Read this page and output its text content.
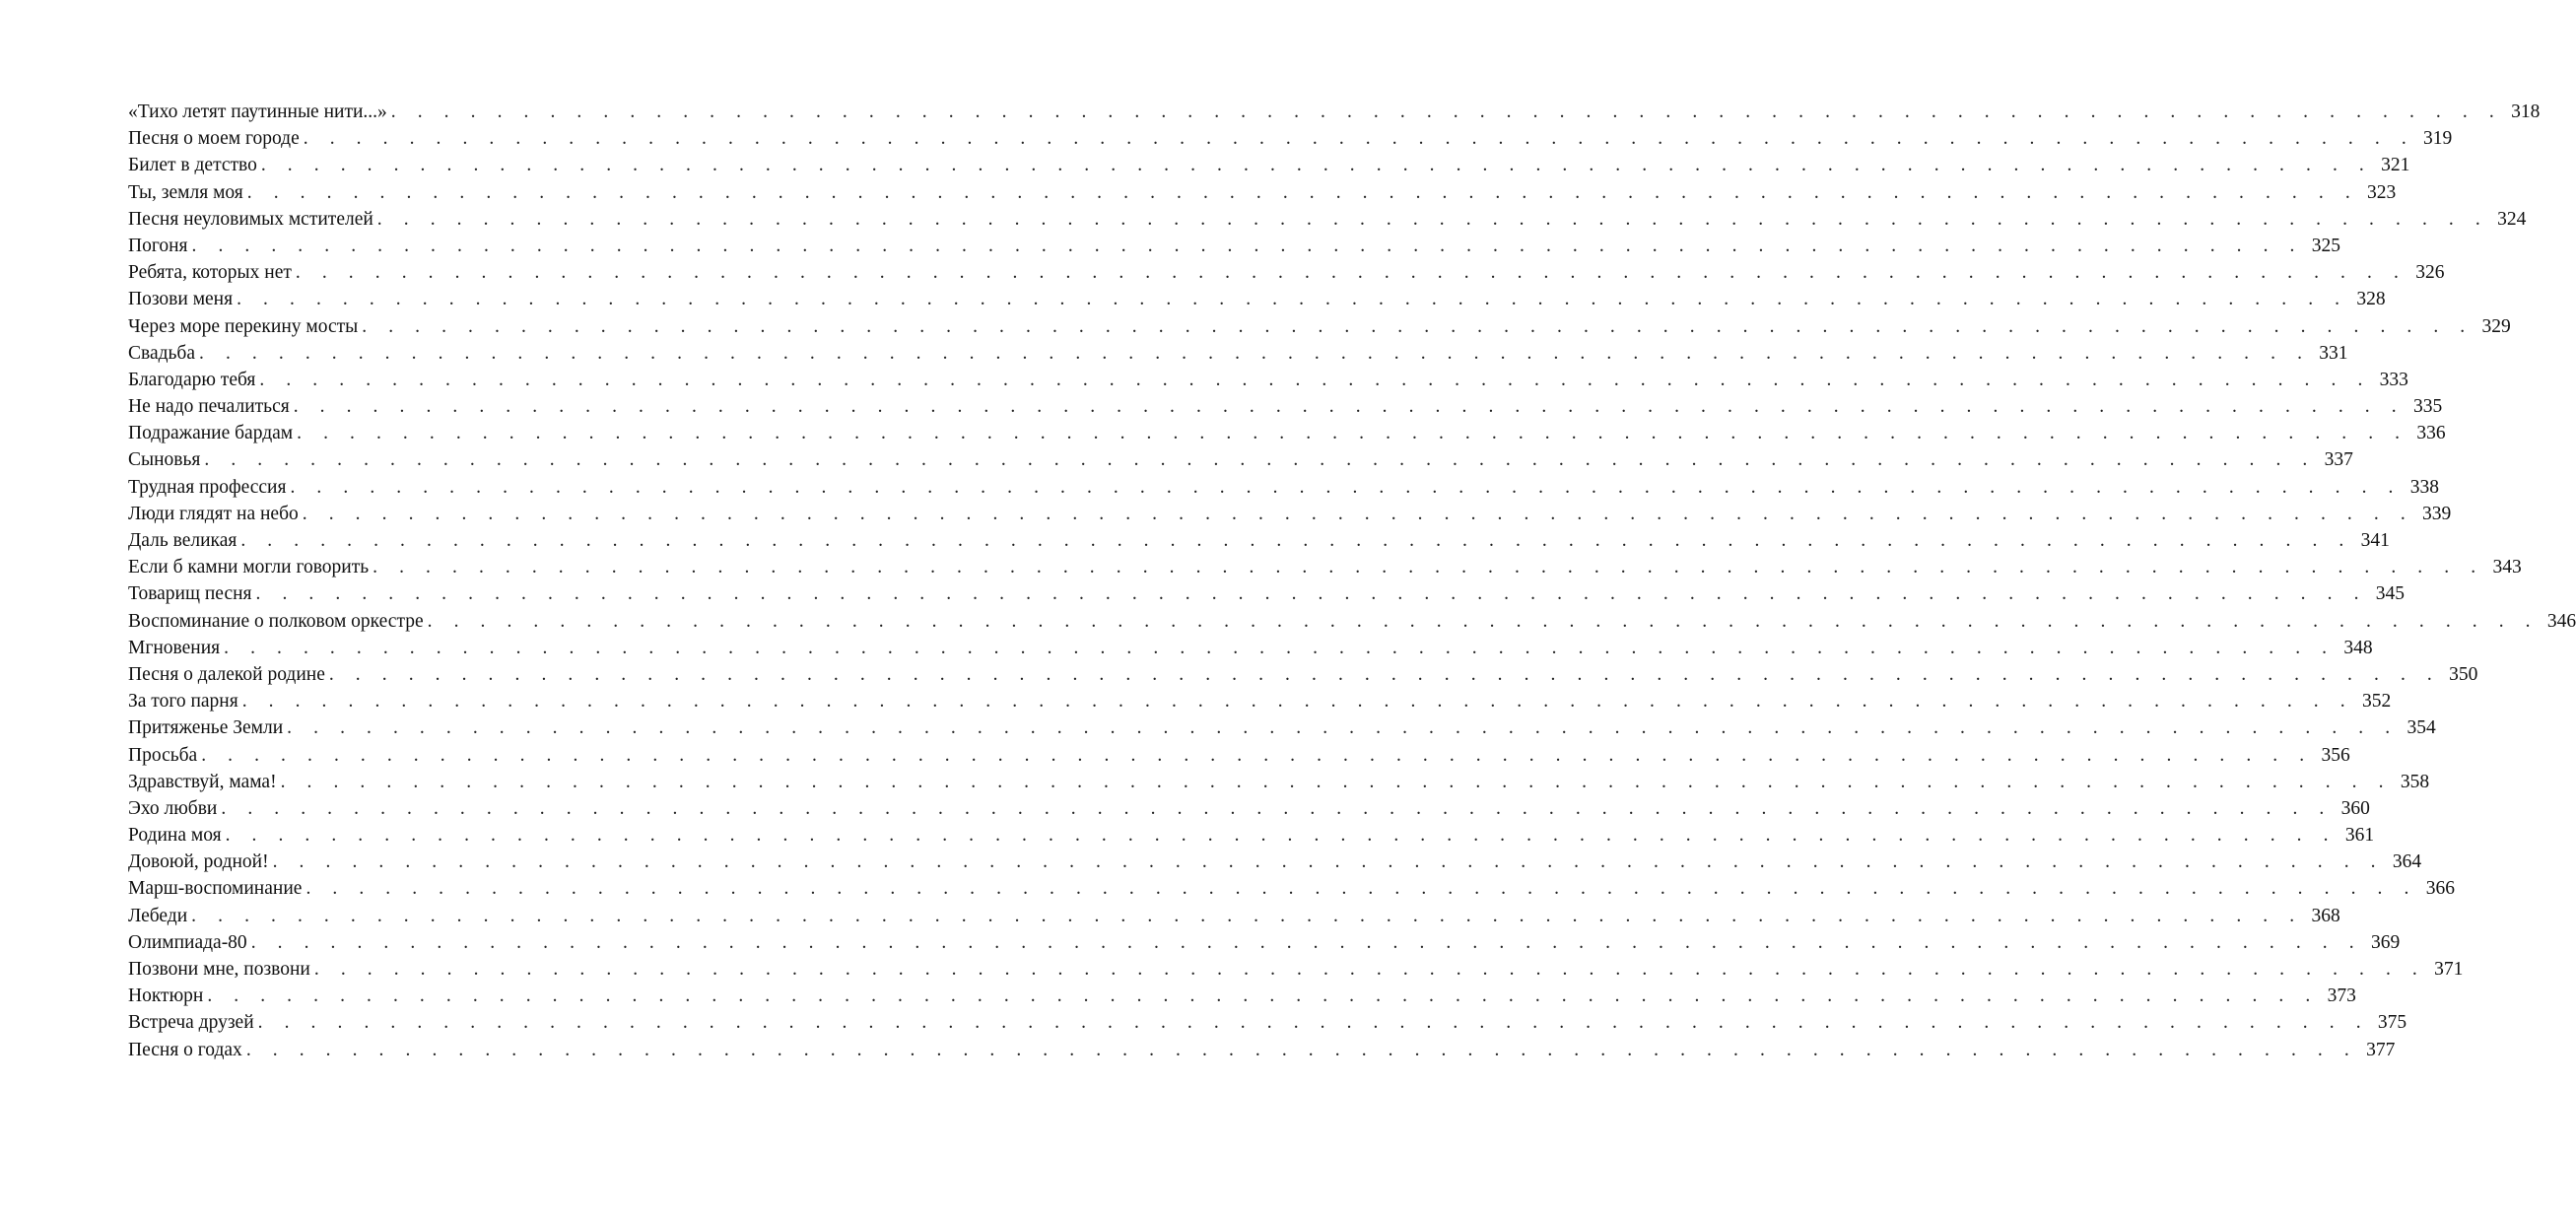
«Тихо летят паутинные нити...» . . . . . . . . . . . . . . . . . . . . . . . . . . . . . . . . . . . . . . . . . . . . . . . . . . . . . . . . . . . . . . . . . . . . . . . . . . . . . . . . 318
Песня о моем городе . . . . . . . . . . . . . . . . . . . . . . . . . . . . . . . . . . . . . . . . . . . . . . . . . . . . . . . . . . . . . . . . . . . . . . . . . . . . . . . . 319
Билет в детство . . . . . . . . . . . . . . . . . . . . . . . . . . . . . . . . . . . . . . . . . . . . . . . . . . . . . . . . . . . . . . . . . . . . . . . . . . . . . . . . 321
Ты, земля моя . . . . . . . . . . . . . . . . . . . . . . . . . . . . . . . . . . . . . . . . . . . . . . . . . . . . . . . . . . . . . . . . . . . . . . . . . . . . . . . . 323
Песня неуловимых мстителей . . . . . . . . . . . . . . . . . . . . . . . . . . . . . . . . . . . . . . . . . . . . . . . . . . . . . . . . . . . . . . . . . . . . . . . . . . . . . . . . 324
Погоня . . . . . . . . . . . . . . . . . . . . . . . . . . . . . . . . . . . . . . . . . . . . . . . . . . . . . . . . . . . . . . . . . . . . . . . . . . . . . . . . 325
Ребята, которых нет . . . . . . . . . . . . . . . . . . . . . . . . . . . . . . . . . . . . . . . . . . . . . . . . . . . . . . . . . . . . . . . . . . . . . . . . . . . . . . . . 326
Позови меня . . . . . . . . . . . . . . . . . . . . . . . . . . . . . . . . . . . . . . . . . . . . . . . . . . . . . . . . . . . . . . . . . . . . . . . . . . . . . . . . 328
Через море перекину мосты . . . . . . . . . . . . . . . . . . . . . . . . . . . . . . . . . . . . . . . . . . . . . . . . . . . . . . . . . . . . . . . . . . . . . . . . . . . . . . . . 329
Свадьба . . . . . . . . . . . . . . . . . . . . . . . . . . . . . . . . . . . . . . . . . . . . . . . . . . . . . . . . . . . . . . . . . . . . . . . . . . . . . . . . 331
Благодарю тебя . . . . . . . . . . . . . . . . . . . . . . . . . . . . . . . . . . . . . . . . . . . . . . . . . . . . . . . . . . . . . . . . . . . . . . . . . . . . . . . . 333
Не надо печалиться . . . . . . . . . . . . . . . . . . . . . . . . . . . . . . . . . . . . . . . . . . . . . . . . . . . . . . . . . . . . . . . . . . . . . . . . . . . . . . . . 335
Подражание бардам . . . . . . . . . . . . . . . . . . . . . . . . . . . . . . . . . . . . . . . . . . . . . . . . . . . . . . . . . . . . . . . . . . . . . . . . . . . . . . . . 336
Сыновья . . . . . . . . . . . . . . . . . . . . . . . . . . . . . . . . . . . . . . . . . . . . . . . . . . . . . . . . . . . . . . . . . . . . . . . . . . . . . . . . 337
Трудная профессия . . . . . . . . . . . . . . . . . . . . . . . . . . . . . . . . . . . . . . . . . . . . . . . . . . . . . . . . . . . . . . . . . . . . . . . . . . . . . . . . 338
Люди глядят на небо . . . . . . . . . . . . . . . . . . . . . . . . . . . . . . . . . . . . . . . . . . . . . . . . . . . . . . . . . . . . . . . . . . . . . . . . . . . . . . . . 339
Даль великая . . . . . . . . . . . . . . . . . . . . . . . . . . . . . . . . . . . . . . . . . . . . . . . . . . . . . . . . . . . . . . . . . . . . . . . . . . . . . . . . 341
Если б камни могли говорить . . . . . . . . . . . . . . . . . . . . . . . . . . . . . . . . . . . . . . . . . . . . . . . . . . . . . . . . . . . . . . . . . . . . . . . . . . . . . . . . 343
Товарищ песня . . . . . . . . . . . . . . . . . . . . . . . . . . . . . . . . . . . . . . . . . . . . . . . . . . . . . . . . . . . . . . . . . . . . . . . . . . . . . . . . 345
Воспоминание о полковом оркестре . . . . . . . . . . . . . . . . . . . . . . . . . . . . . . . . . . . . . . . . . . . . . . . . . . . . . . . . . . . . . . . . . . . . . . . . . . . . . . . . 346
Мгновения . . . . . . . . . . . . . . . . . . . . . . . . . . . . . . . . . . . . . . . . . . . . . . . . . . . . . . . . . . . . . . . . . . . . . . . . . . . . . . . . 348
Песня о далекой родине . . . . . . . . . . . . . . . . . . . . . . . . . . . . . . . . . . . . . . . . . . . . . . . . . . . . . . . . . . . . . . . . . . . . . . . . . . . . . . . . 350
За того парня . . . . . . . . . . . . . . . . . . . . . . . . . . . . . . . . . . . . . . . . . . . . . . . . . . . . . . . . . . . . . . . . . . . . . . . . . . . . . . . . 352
Притяженье Земли . . . . . . . . . . . . . . . . . . . . . . . . . . . . . . . . . . . . . . . . . . . . . . . . . . . . . . . . . . . . . . . . . . . . . . . . . . . . . . . . 354
Просьба . . . . . . . . . . . . . . . . . . . . . . . . . . . . . . . . . . . . . . . . . . . . . . . . . . . . . . . . . . . . . . . . . . . . . . . . . . . . . . . . 356
Здравствуй, мама! . . . . . . . . . . . . . . . . . . . . . . . . . . . . . . . . . . . . . . . . . . . . . . . . . . . . . . . . . . . . . . . . . . . . . . . . . . . . . . . . 358
Эхо любви . . . . . . . . . . . . . . . . . . . . . . . . . . . . . . . . . . . . . . . . . . . . . . . . . . . . . . . . . . . . . . . . . . . . . . . . . . . . . . . . 360
Родина моя . . . . . . . . . . . . . . . . . . . . . . . . . . . . . . . . . . . . . . . . . . . . . . . . . . . . . . . . . . . . . . . . . . . . . . . . . . . . . . . . 361
Довоюй, родной! . . . . . . . . . . . . . . . . . . . . . . . . . . . . . . . . . . . . . . . . . . . . . . . . . . . . . . . . . . . . . . . . . . . . . . . . . . . . . . . . 364
Марш-воспоминание . . . . . . . . . . . . . . . . . . . . . . . . . . . . . . . . . . . . . . . . . . . . . . . . . . . . . . . . . . . . . . . . . . . . . . . . . . . . . . . . 366
Лебеди . . . . . . . . . . . . . . . . . . . . . . . . . . . . . . . . . . . . . . . . . . . . . . . . . . . . . . . . . . . . . . . . . . . . . . . . . . . . . . . . 368
Олимпиада-80 . . . . . . . . . . . . . . . . . . . . . . . . . . . . . . . . . . . . . . . . . . . . . . . . . . . . . . . . . . . . . . . . . . . . . . . . . . . . . . . . 369
Позвони мне, позвони . . . . . . . . . . . . . . . . . . . . . . . . . . . . . . . . . . . . . . . . . . . . . . . . . . . . . . . . . . . . . . . . . . . . . . . . . . . . . . . . 371
Ноктюрн . . . . . . . . . . . . . . . . . . . . . . . . . . . . . . . . . . . . . . . . . . . . . . . . . . . . . . . . . . . . . . . . . . . . . . . . . . . . . . . . 373
Встреча друзей . . . . . . . . . . . . . . . . . . . . . . . . . . . . . . . . . . . . . . . . . . . . . . . . . . . . . . . . . . . . . . . . . . . . . . . . . . . . . . . . 375
Песня о годах . . . . . . . . . . . . . . . . . . . . . . . . . . . . . . . . . . . . . . . . . . . . . . . . . . . . . . . . . . . . . . . . . . . . . . . . . . . . . . . . 377
